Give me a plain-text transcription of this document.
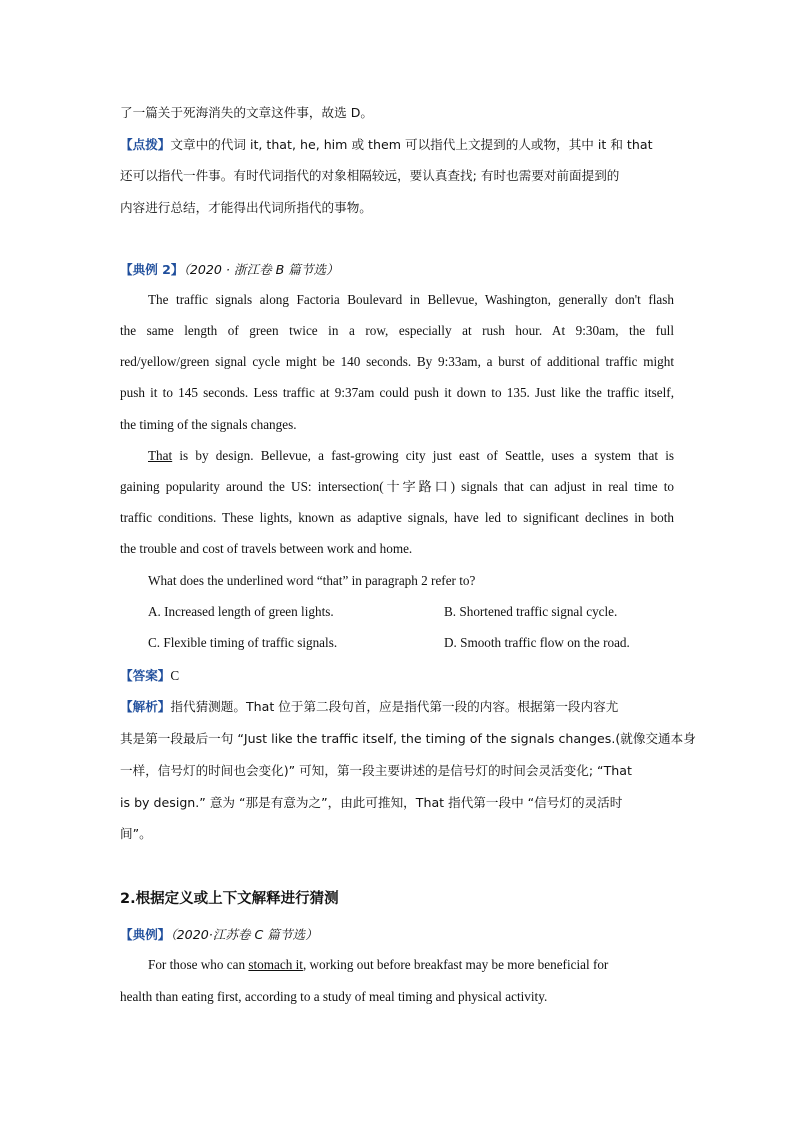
了一篇关于死海消失的文章这件事，故选 D。
【点拨】文章中的代词 it, that, he, him 或 them 可以指代上文提到的人或物，其中 it 和 that
还可以指代一件事。有时代词指代的对象相隔较远，要认真查找; 有时也需要对前面提到的
内容进行总结，才能得出代词所指代的事物。
【典例 2】（2020 · 浙江卷 B 篇节选）
The traffic signals along Factoria Boulevard in Bellevue, Washington, generally don't flash
the same length of green twice in a row, especially at rush hour. At 9:30am, the full
red/yellow/green signal cycle might be 140 seconds. By 9:33am, a burst of additional traffic might
push it to 145 seconds. Less traffic at 9:37am could push it down to 135. Just like the traffic itself,
the timing of the signals changes.
That is by design. Bellevue, a fast-growing city just east of Seattle, uses a system that is
gaining popularity around the US: intersection(十字路口) signals that can adjust in real time to
traffic conditions. These lights, known as adaptive signals, have led to significant declines in both
the trouble and cost of travels between work and home.
What does the underlined word “that” in paragraph 2 refer to?
A. Increased length of green lights.	B. Shortened traffic signal cycle.
C. Flexible timing of traffic signals.	D. Smooth traffic flow on the road.
【答案】C
【解析】指代猜测题。That 位于第二段句首，应是指代第一段的内容。根据第一段内容尤
其是第一段最后一句 “Just like the traffic itself, the timing of the signals changes.(就像交通本身
一样，信号灯的时间也会变化)” 可知，第一段主要讲述的是信号灯的时间会灵活变化; “That
is by design.” 意为 “那是有意为之”，由此可推知，That 指代第一段中 “信号灯的灵活时
间”。
2.根据定义或上下文解释进行猜测
【典例】（2020·江苏卷 C 篇节选）
For those who can stomach it, working out before breakfast may be more beneficial for
health than eating first, according to a study of meal timing and physical activity.
